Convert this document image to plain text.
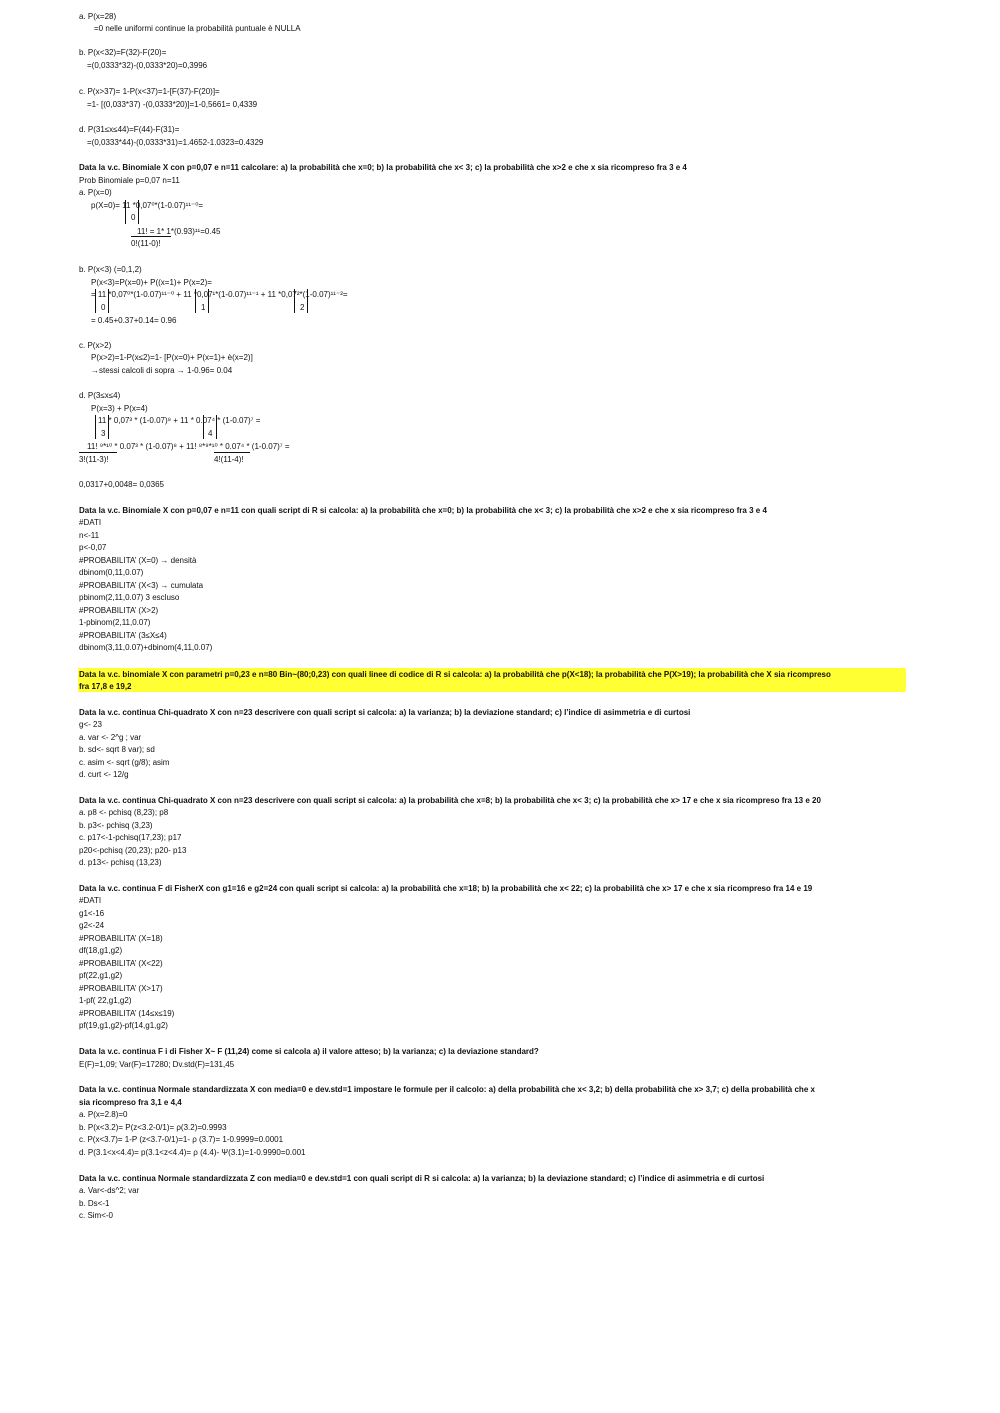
a. P(x=28)
=0 nelle uniformi continue la probabilità puntuale è NULLA
b. P(x<32)=F(32)-F(20)=
=(0,0333*32)-(0,0333*20)=0,3996
c. P(x>37)= 1-P(x<37)=1-[F(37)-F(20)]=
=1- [(0,033*37) -(0,0333*20)]=1-0,5661= 0,4339
d. P(31≤x≤44)=F(44)-F(31)=
=(0,0333*44)-(0,0333*31)=1.4652-1.0323=0.4329
Data la v.c. Binomiale X con p=0,07 e n=11 calcolare: a) la probabilità che x=0; b) la probabilità che x< 3; c) la probabilità che x>2 e che x sia ricompreso fra 3 e 4
Prob Binomiale p=0,07 n=11
a. P(x=0)
p(X=0)= 11 *0,07⁰*(1-0.07)¹¹⁻⁰=
0
11! = 1* 1*(0.93)¹¹=0.45
0!(11-0)!
b. P(x<3) (=0,1,2)
P(x<3)=P(x=0)+ P((x=1)+ P(x=2)=
= 11 *0,07⁰*(1-0.07)¹¹⁻⁰ + 11 *0,07¹*(1-0.07)¹¹⁻¹ + 11 *0,07²*(1-0.07)¹¹⁻²=
0	1	2
= 0.45+0.37+0.14= 0.96
c. P(x>2)
P(x>2)=1-P(x≤2)=1- [P(x=0)+ P(x=1)+ è(x=2)]
→stessi calcoli di sopra → 1-0.96= 0.04
d. P(3≤x≤4)
P(x=3) + P(x=4)
11 * 0,07³ * (1-0.07)⁸ + 11 * 0.07⁴ * (1-0.07)⁷ =
3	4
11! ⁹*¹⁰ * 0.07³ * (1-0.07)⁸ + 11! ⁸*⁹*¹⁰ * 0.07⁴ * (1-0.07)⁷ =
3!(11-3)!	4!(11-4)!
0,0317+0,0048= 0,0365
Data la v.c. Binomiale X con p=0,07 e n=11 con quali script di R si calcola: a) la probabilità che x=0; b) la probabilità che x< 3; c) la probabilità che x>2 e che x sia ricompreso fra 3 e 4
#DATI
n<-11
p<-0,07
#PROBABILITA’ (X=0) → densità
dbinom(0,11,0.07)
#PROBABILITA’ (X<3) → cumulata
pbinom(2,11,0.07) 3 escluso
#PROBABILITA’ (X>2)
1-pbinom(2,11,0.07)
#PROBABILITA’ (3≤X≤4)
dbinom(3,11,0.07)+dbinom(4,11,0.07)
Data la v.c. binomiale X con parametri p=0,23 e n=80 Bin~(80;0,23) con quali linee di codice di R si calcola: a) la probabilità che p(X<18); la probabilità che P(X>19); la probabilità che X sia ricompreso
fra 17,8 e 19,2
Data la v.c. continua Chi-quadrato X con n=23 descrivere con quali script si calcola: a) la varianza; b) la deviazione standard; c) l’indice di asimmetria e di curtosi
g<- 23
a. var <- 2^g ; var
b. sd<- sqrt 8 var); sd
c. asim <- sqrt (g/8); asim
d. curt <- 12/g
Data la v.c. continua Chi-quadrato X con n=23 descrivere con quali script si calcola: a) la probabilità che x=8; b) la probabilità che x< 3; c) la probabilità che x> 17 e che x sia ricompreso fra 13 e 20
a. p8 <- pchisq (8,23); p8
b. p3<- pchisq (3,23)
c. p17<-1-pchisq(17,23); p17
p20<-pchisq (20,23); p20- p13
d. p13<- pchisq (13,23)
Data la v.c. continua F di FisherX con g1=16 e g2=24 con quali script si calcola: a) la probabilità che x=18; b) la probabilità che x< 22; c) la probabilità che x> 17 e che x sia ricompreso fra 14 e 19
#DATI
g1<-16
g2<-24
#PROBABILITA’ (X=18)
df(18,g1,g2)
#PROBABILITA’ (X<22)
pf(22,g1,g2)
#PROBABILITA’ (X>17)
1-pf( 22,g1,g2)
#PROBABILITA’ (14≤x≤19)
pf(19,g1,g2)-pf(14,g1,g2)
Data la v.c. continua F i di Fisher X~ F (11,24) come si calcola a) il valore atteso; b) la varianza; c) la deviazione standard?
E(F)=1,09; Var(F)=17280; Dv.std(F)=131,45
Data la v.c. continua Normale standardizzata X con media=0 e dev.std=1 impostare le formule per il calcolo: a) della probabilità che x< 3,2; b) della probabilità che x> 3,7; c) della probabilità che x
sia ricompreso fra 3,1 e 4,4
a. P(x=2.8)=0
b. P(x<3.2)= P(z<3.2-0/1)= ρ(3.2)=0.9993
c. P(x<3.7)= 1-P (z<3.7-0/1)=1- ρ (3.7)= 1-0.9999=0.0001
d. P(3.1<x<4.4)= p(3.1<z<4.4)= ρ (4.4)- Ψ(3.1)=1-0.9990=0.001
Data la v.c. continua Normale standardizzata Z con media=0 e dev.std=1 con quali script di R si calcola: a) la varianza; b) la deviazione standard; c) l’indice di asimmetria e di curtosi
a. Var<-ds^2; var
b. Ds<-1
c. Sim<-0
